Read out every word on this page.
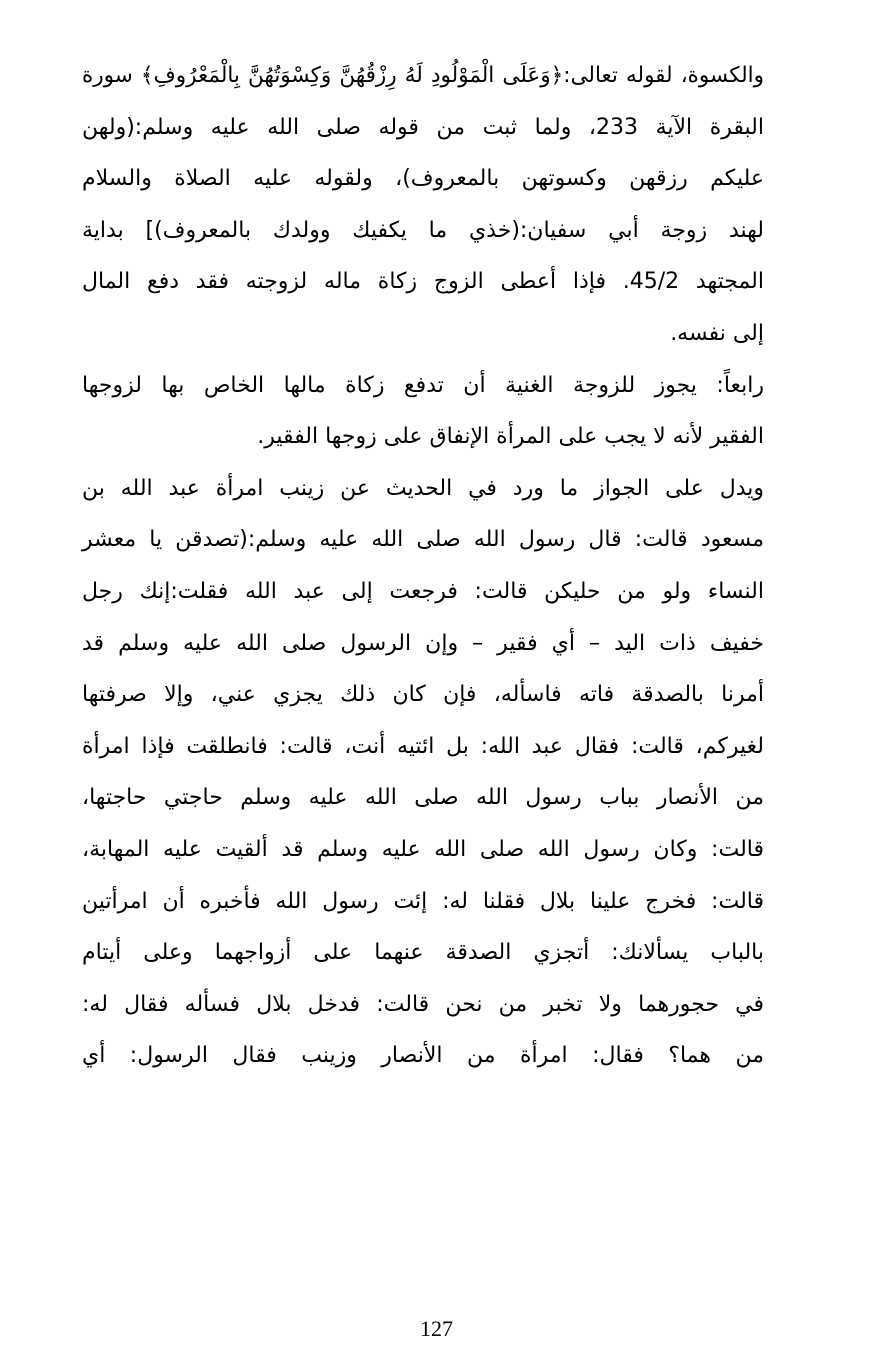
والكسوة، لقوله تعالى:﴿وَعَلَى الْمَوْلُودِ لَهُ رِزْقُهُنَّ وَكِسْوَتُهُنَّ بِالْمَعْرُوفِ﴾ سورة
البقرة الآية 233، ولما ثبت من قوله صلى الله عليه وسلم:(ولهن
عليكم رزقهن وكسوتهن بالمعروف)، ولقوله عليه الصلاة والسلام
لهند زوجة أبي سفيان:(خذي ما يكفيك وولدك بالمعروف)] بداية
المجتهد 45/2. فإذا أعطى الزوج زكاة ماله لزوجته فقد دفع المال
إلى نفسه.
رابعاً: يجوز للزوجة الغنية أن تدفع زكاة مالها الخاص بها لزوجها
الفقير لأنه لا يجب على المرأة الإنفاق على زوجها الفقير.
ويدل على الجواز ما ورد في الحديث عن زينب امرأة عبد الله بن
مسعود قالت: قال رسول الله صلى الله عليه وسلم:(تصدقن يا معشر
النساء ولو من حليكن قالت: فرجعت إلى عبد الله فقلت:إنك رجل
خفيف ذات اليد – أي فقير – وإن الرسول صلى الله عليه وسلم قد
أمرنا بالصدقة فاته فاسأله، فإن كان ذلك يجزي عني، وإلا صرفتها
لغيركم، قالت: فقال عبد الله: بل ائتيه أنت، قالت: فانطلقت فإذا امرأة
من الأنصار بباب رسول الله صلى الله عليه وسلم حاجتي حاجتها،
قالت: وكان رسول الله صلى الله عليه وسلم قد ألقيت عليه المهابة،
قالت: فخرج علينا بلال فقلنا له: إئت رسول الله فأخبره أن امرأتين
بالباب يسألانك: أتجزي الصدقة عنهما على أزواجهما وعلى أيتام
في حجورهما ولا تخبر من نحن قالت: فدخل بلال فسأله فقال له:
من هما؟ فقال: امرأة من الأنصار وزينب فقال الرسول: أي
127
